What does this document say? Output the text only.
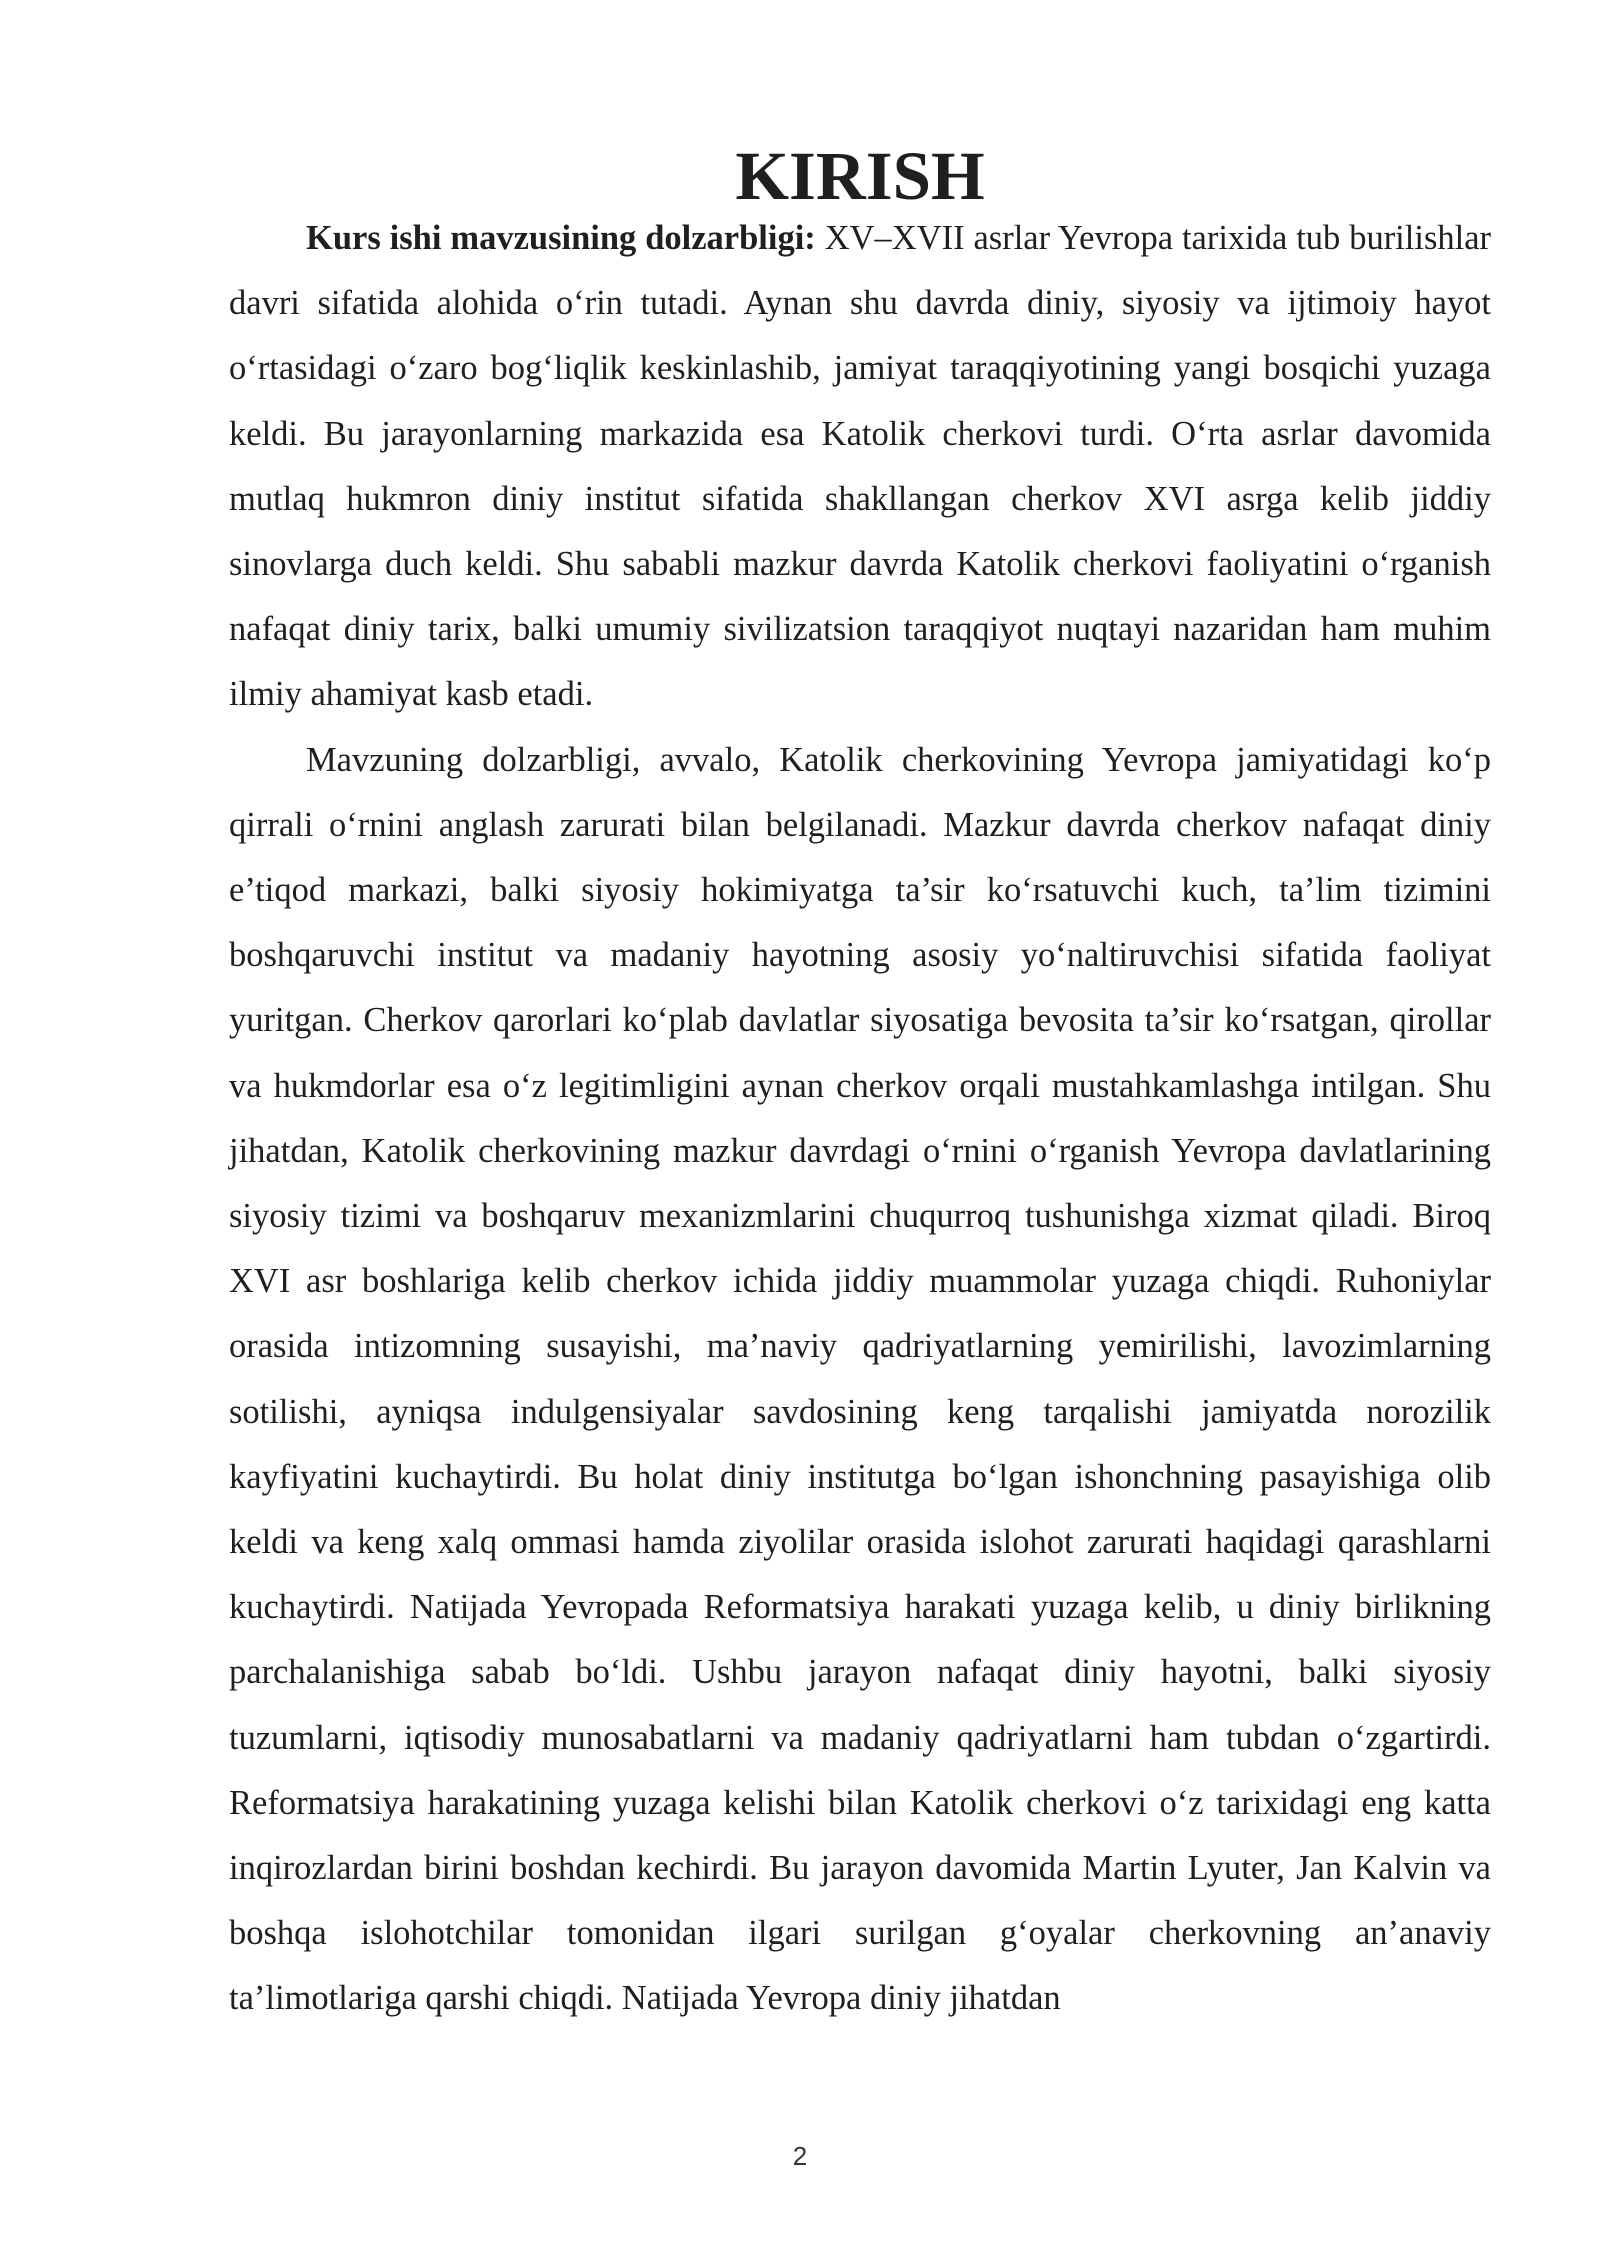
KIRISH

Kurs ishi mavzusining dolzarbligi: XV–XVII asrlar Yevropa tarixida tub burilishlar davri sifatida alohida o‘rin tutadi. Aynan shu davrda diniy, siyosiy va ijtimoiy hayot o‘rtasidagi o‘zaro bog‘liqlik keskinlashib, jamiyat taraqqiyotining yangi bosqichi yuzaga keldi. Bu jarayonlarning markazida esa Katolik cherkovi turdi. O‘rta asrlar davomida mutlaq hukmron diniy institut sifatida shakllangan cherkov XVI asrga kelib jiddiy sinovlarga duch keldi. Shu sababli mazkur davrda Katolik cherkovi faoliyatini o‘rganish nafaqat diniy tarix, balki umumiy sivilizatsion taraqqiyot nuqtayi nazaridan ham muhim ilmiy ahamiyat kasb etadi.

Mavzuning dolzarbligi, avvalo, Katolik cherkovining Yevropa jamiyatidagi ko‘p qirrali o‘rnini anglash zarurati bilan belgilanadi. Mazkur davrda cherkov nafaqat diniy e’tiqod markazi, balki siyosiy hokimiyatga ta’sir ko‘rsatuvchi kuch, ta’lim tizimini boshqaruvchi institut va madaniy hayotning asosiy yo‘naltiruvchisi sifatida faoliyat yuritgan. Cherkov qarorlari ko‘plab davlatlar siyosatiga bevosita ta’sir ko‘rsatgan, qirollar va hukmdorlar esa o‘z legitimligini aynan cherkov orqali mustahkamlashga intilgan. Shu jihatdan, Katolik cherkovining mazkur davrdagi o‘rnini o‘rganish Yevropa davlatlarining siyosiy tizimi va boshqaruv mexanizmlarini chuqurroq tushunishga xizmat qiladi. Biroq XVI asr boshlariga kelib cherkov ichida jiddiy muammolar yuzaga chiqdi. Ruhoniylar orasida intizomning susayishi, ma’naviy qadriyatlarning yemirilishi, lavozimlarning sotilishi, ayniqsa indulgensiyalar savdosining keng tarqalishi jamiyatda norozilik kayfiyatini kuchaytirdi. Bu holat diniy institutga bo‘lgan ishonchning pasayishiga olib keldi va keng xalq ommasi hamda ziyolilar orasida islohot zarurati haqidagi qarashlarni kuchaytirdi. Natijada Yevropada Reformatsiya harakati yuzaga kelib, u diniy birlikning parchalanishiga sabab bo‘ldi. Ushbu jarayon nafaqat diniy hayotni, balki siyosiy tuzumlarni, iqtisodiy munosabatlarni va madaniy qadriyatlarni ham tubdan o‘zgartirdi. Reformatsiya harakatining yuzaga kelishi bilan Katolik cherkovi o‘z tarixidagi eng katta inqirozlardan birini boshdan kechirdi. Bu jarayon davomida Martin Lyuter, Jan Kalvin va boshqa islohotchilar tomonidan ilgari surilgan g‘oyalar cherkovning an’anaviy ta’limotlariga qarshi chiqdi. Natijada Yevropa diniy jihatdan

2
